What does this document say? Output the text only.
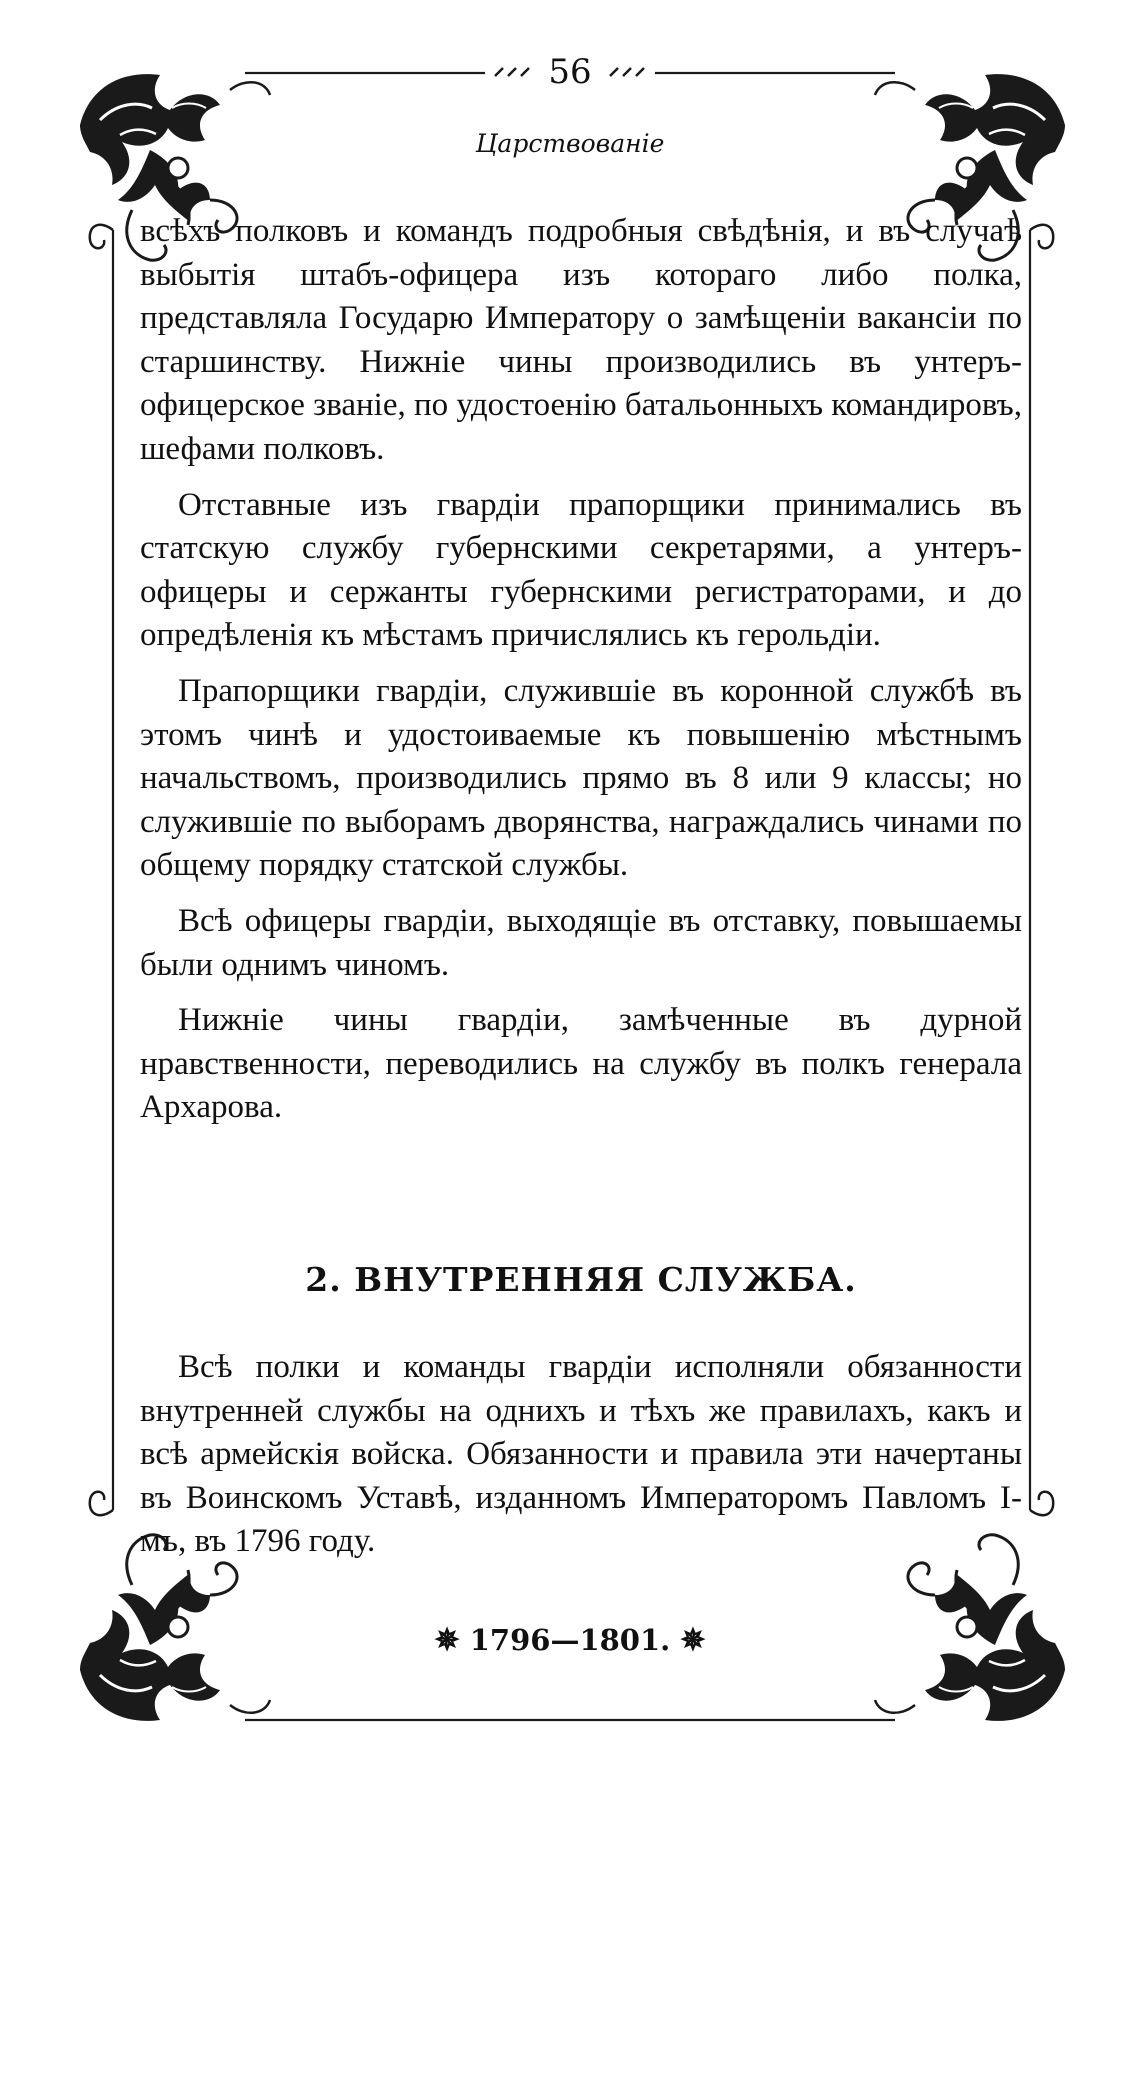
56
Царствованіе

всѣхъ полковъ и командъ подробныя свѣдѣнія, и въ случаѣ выбытія штабъ-офицера изъ котораго либо полка, представляла Государю Императору о замѣщеніи вакансіи по старшинству. Нижніе чины производились въ унтеръ-офицерское званіе, по удостоенію батальонныхъ командировъ, шефами полковъ.

Отставные изъ гвардіи прапорщики принимались въ статскую службу губернскими секретарями, а унтеръ-офицеры и сержанты губернскими регистраторами, и до опредѣленія къ мѣстамъ причислялись къ герольдіи.

Прапорщики гвардіи, служившіе въ коронной службѣ въ этомъ чинѣ и удостоиваемые къ повышенію мѣстнымъ начальствомъ, производились прямо въ 8 или 9 классы; но служившіе по выборамъ дворянства, награждались чинами по общему порядку статской службы.

Всѣ офицеры гвардіи, выходящіе въ отставку, повышаемы были однимъ чиномъ.

Нижніе чины гвардіи, замѣченные въ дурной нравственности, переводились на службу въ полкъ генерала Архарова.

2. ВНУТРЕННЯЯ СЛУЖБА.

Всѣ полки и команды гвардіи исполняли обязанности внутренней службы на однихъ и тѣхъ же правилахъ, какъ и всѣ армейскія войска. Обязанности и правила эти начертаны въ Воинскомъ Уставѣ, изданномъ Императоромъ Павломъ I-мъ, въ 1796 году.

✵ 1796—1801. ✵
